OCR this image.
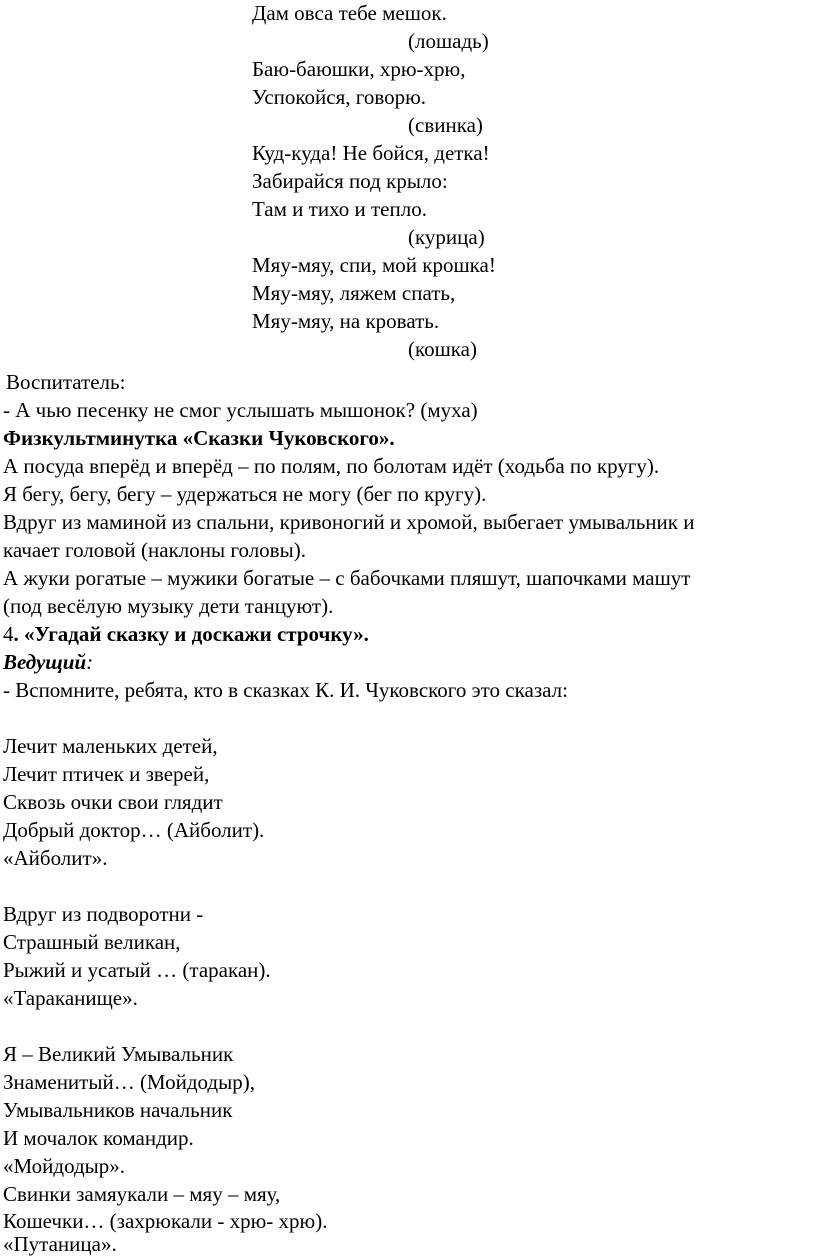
Дам овса тебе мешок.
(лошадь)
Баю-баюшки, хрю-хрю,
Успокойся, говорю.
(свинка)
Куд-куда! Не бойся, детка!
Забирайся под крыло:
Там и тихо и тепло.
(курица)
Мяу-мяу, спи, мой крошка!
Мяу-мяу, ляжем спать,
Мяу-мяу, на кровать.
(кошка)
Воспитатель:
- А чью песенку не смог услышать мышонок? (муха)
Физкультминутка «Сказки Чуковского».
А посуда вперёд и вперёд – по полям, по болотам идёт (ходьба по кругу).
Я бегу, бегу, бегу – удержаться не могу (бег по кругу).
Вдруг из маминой из спальни, кривоногий и хромой, выбегает умывальник и
качает головой (наклоны головы).
А жуки рогатые – мужики богатые – с бабочками пляшут, шапочками машут
(под весёлую музыку дети танцуют).
4. «Угадай сказку и доскажи строчку».
Ведущий:
- Вспомните, ребята, кто в сказках К. И. Чуковского это сказал:
Лечит маленьких детей,
Лечит птичек и зверей,
Сквозь очки свои глядит
Добрый доктор… (Айболит).
«Айболит».
Вдруг из подворотни -
Страшный великан,
Рыжий и усатый … (таракан).
«Тараканище».
Я – Великий Умывальник
Знаменитый… (Мойдодыр),
Умывальников начальник
И мочалок командир.
«Мойдодыр».
Свинки замяукали – мяу – мяу,
Кошечки… (захрюкали - хрю- хрю).
«Путаница».
